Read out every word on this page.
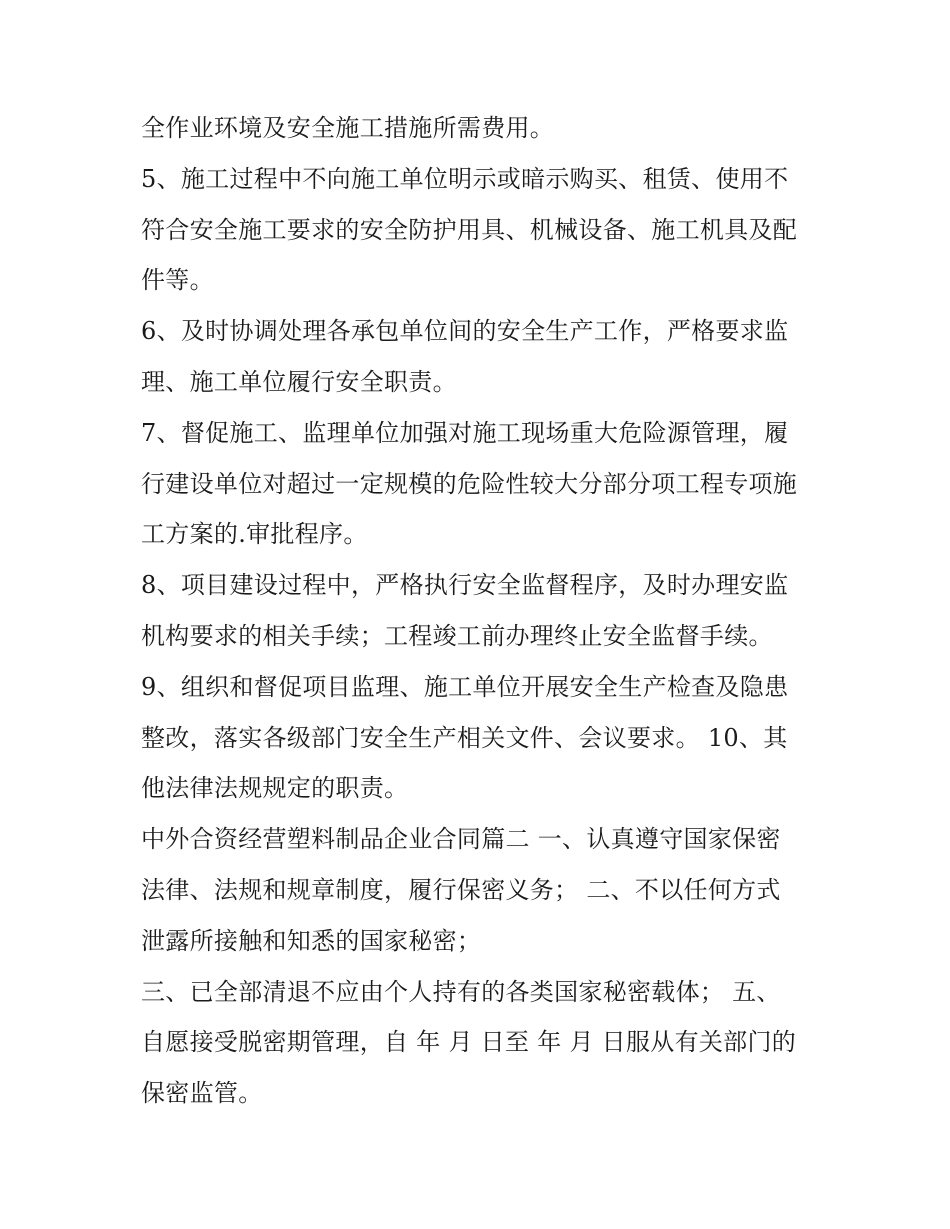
全作业环境及安全施工措施所需费用。
5、施工过程中不向施工单位明示或暗示购买、租赁、使用不
符合安全施工要求的安全防护用具、机械设备、施工机具及配
件等。
6、及时协调处理各承包单位间的安全生产工作，严格要求监
理、施工单位履行安全职责。
7、督促施工、监理单位加强对施工现场重大危险源管理，履
行建设单位对超过一定规模的危险性较大分部分项工程专项施
工方案的.审批程序。
8、项目建设过程中，严格执行安全监督程序，及时办理安监
机构要求的相关手续；工程竣工前办理终止安全监督手续。
9、组织和督促项目监理、施工单位开展安全生产检查及隐患
整改，落实各级部门安全生产相关文件、会议要求。 10、其
他法律法规规定的职责。
中外合资经营塑料制品企业合同篇二 一、认真遵守国家保密
法律、法规和规章制度，履行保密义务； 二、不以任何方式
泄露所接触和知悉的国家秘密；
三、已全部清退不应由个人持有的各类国家秘密载体； 五、
自愿接受脱密期管理，自 年 月 日至 年 月 日服从有关部门的
保密监管。
